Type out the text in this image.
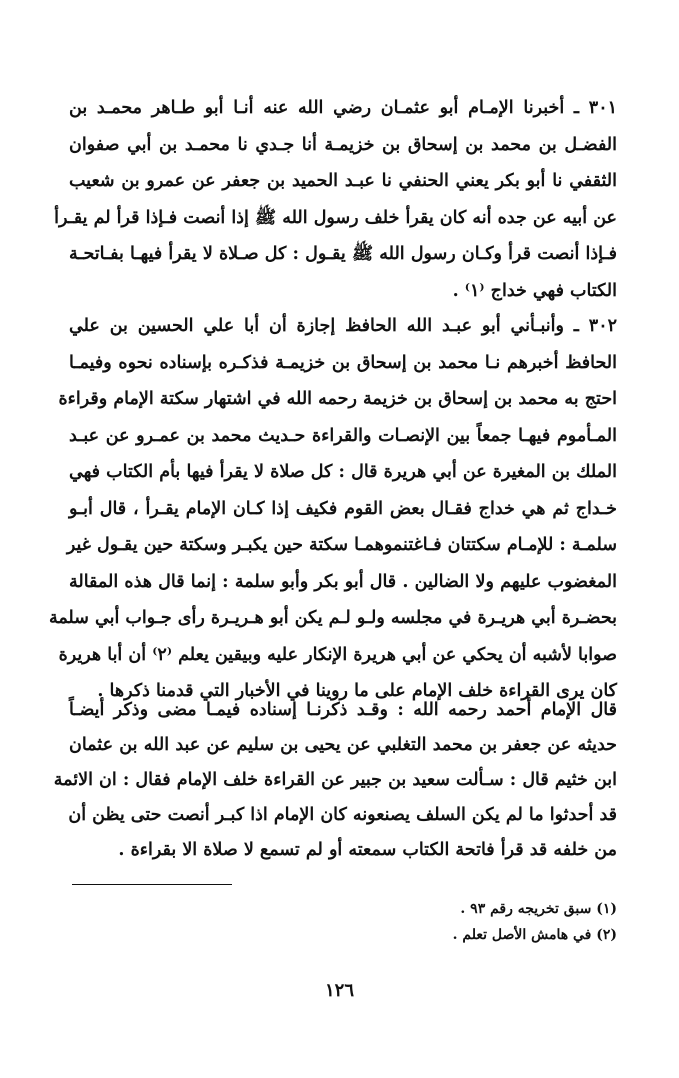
٣٠١ ـ أخبرنا الإمـام أبو عثمـان رضي الله عنه أنـا أبو طـاهر محمـد بن
الفضـل بن محمد بن إسحاق بن خزيمـة أنا جـدي نا محمـد بن أبي صفوان
الثقفي نا أبو بكر يعني الحنفي نا عبـد الحميد بن جعفر عن عمرو بن شعيب
عن أبيه عن جده أنه كان يقرأ خلف رسول الله ﷺ إذا أنصت فـإذا قرأ لم يقـرأ
فـإذا أنصت قرأ وكـان رسول الله ﷺ يقـول : كل صـلاة لا يقرأ فيهـا بفـاتحـة
الكتاب فهي خداج ⁽١⁾ .
٣٠٢ ـ وأنبـأني أبو عبـد الله الحافظ إجازة أن أبا علي الحسين بن علي
الحافظ أخبرهم نـا محمد بن إسحاق بن خزيمـة فذكـره بإسناده نحوه وفيمـا
احتج به محمد بن إسحاق بن خزيمة رحمه الله في اشتهار سكتة الإمام وقراءة
المـأموم فيهـا جمعاً بين الإنصـات والقراءة حـديث محمد بن عمـرو عن عبـد
الملك بن المغيرة عن أبي هريرة قال : كل صلاة لا يقرأ فيها بأم الكتاب فهي
خـداج ثم هي خداج فقـال بعض القوم فكيف إذا كـان الإمام يقـرأ ، قال أبـو
سلمـة : للإمـام سكتتان فـاغتنموهمـا سكتة حين يكبـر وسكتة حين يقـول غير
المغضوب عليهم ولا الضالين . قال أبو بكر وأبو سلمة : إنما قال هذه المقالة
بحضـرة أبي هريـرة في مجلسه ولـو لـم يكن أبو هـريـرة رأى جـواب أبي سلمة
صوابا لأشبه أن يحكي عن أبي هريرة الإنكار عليه وبيقين يعلم ⁽٢⁾ أن أبا هريرة
كان يرى القراءة خلف الإمام على ما روينا في الأخبار التي قدمنا ذكرها .
قال الإمام أحمد رحمه الله : وقـد ذكرنـا إسناده فيمـا مضى وذكر أيضـاً
حديثه عن جعفر بن محمد التغلبي عن يحيى بن سليم عن عبد الله بن عثمان
ابن خثيم قال : سـألت سعيد بن جبير عن القراءة خلف الإمام فقال : ان الائمة
قد أحدثوا ما لم يكن السلف يصنعونه كان الإمام اذا كبـر أنصت حتى يظن أن
من خلفه قد قرأ فاتحة الكتاب سمعته أو لم تسمع لا صلاة الا بقراءة .
(١) سبق تخريجه رقم ٩٣ .
(٢) في هامش الأصل تعلم .
١٢٦
